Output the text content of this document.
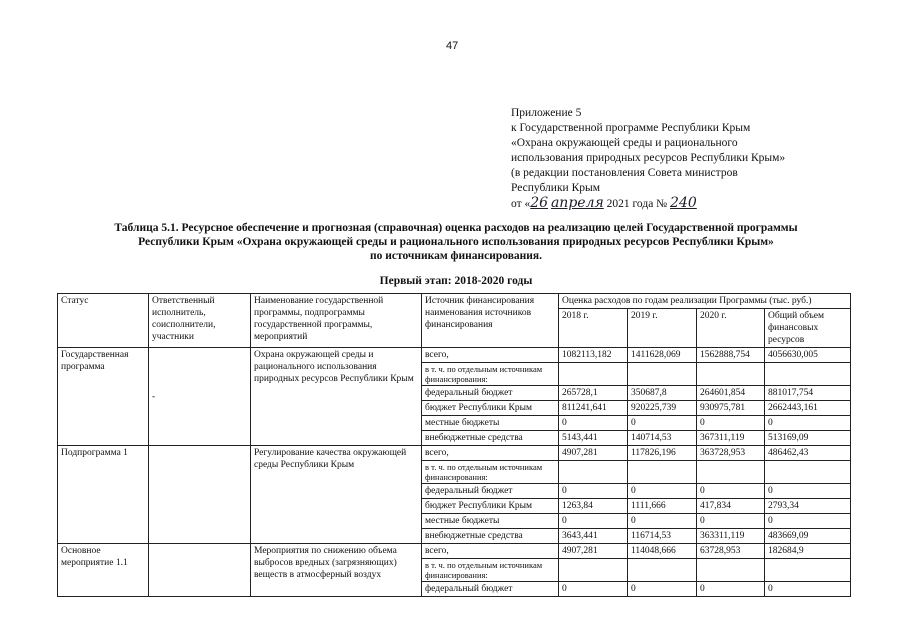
47
Приложение 5
к Государственной программе Республики Крым
«Охрана окружающей среды и рационального
использования природных ресурсов Республики Крым»
(в редакции постановления Совета министров
Республики Крым
от «26 апреля 2021 года № 240
Таблица 5.1. Ресурсное обеспечение и прогнозная (справочная) оценка расходов на реализацию целей Государственной программы
Республики Крым «Охрана окружающей среды и рационального использования природных ресурсов Республики Крым»
по источникам финансирования.
Первый этап: 2018-2020 годы
Статус	Ответственный исполнитель, соисполнители, участники	Наименование государственной программы, подпрограммы государственной программы, мероприятий	Источник финансирования наименования источников финансирования	Оценка расходов по годам реализации Программы (тыс. руб.)			
				2018 г.	2019 г.	2020 г.	Общий объем финансовых ресурсов
Государственная программа	-	Охрана окружающей среды и рационального использования природных ресурсов Республики Крым	всего,	1082113,182	1411628,069	1562888,754	4056630,005
			в т. ч. по отдельным источникам финансирования:				
			федеральный бюджет	265728,1	350687,8	264601,854	881017,754
			бюджет Республики Крым	811241,641	920225,739	930975,781	2662443,161
			местные бюджеты	0	0	0	0
			внебюджетные средства	5143,441	140714,53	367311,119	513169,09
Подпрограмма 1		Регулирование качества окружающей среды Республики Крым	всего,	4907,281	117826,196	363728,953	486462,43
			в т. ч. по отдельным источникам финансирования:				
			федеральный бюджет	0	0	0	0
			бюджет Республики Крым	1263,84	1111,666	417,834	2793,34
			местные бюджеты	0	0	0	0
			внебюджетные средства	3643,441	116714,53	363311,119	483669,09
Основное мероприятие 1.1		Мероприятия по снижению объема выбросов вредных (загрязняющих) веществ в атмосферный воздух	всего,	4907,281	114048,666	63728,953	182684,9
			в т. ч. по отдельным источникам финансирования:				
			федеральный бюджет	0	0	0	0
